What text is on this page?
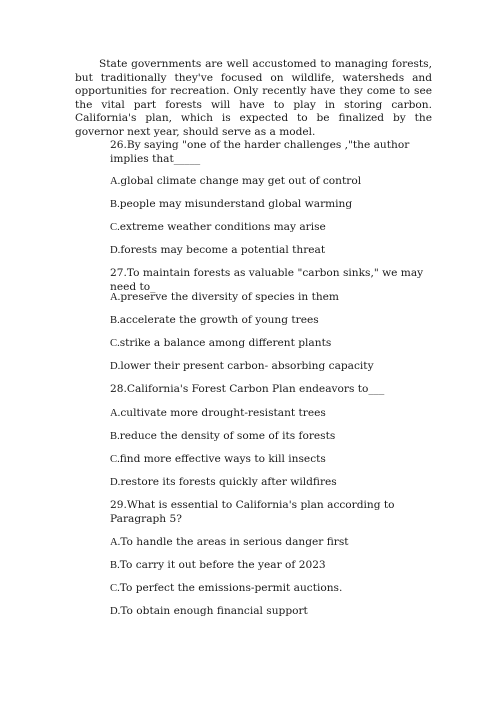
State governments are well accustomed to managing forests, but traditionally they've focused on wildlife, watersheds and opportunities for recreation. Only recently have they come to see the vital part forests will have to play in storing carbon. California's plan, which is expected to be finalized by the governor next year, should serve as a model.
26.By saying "one of the harder challenges ,"the author implies that_____
A.global climate change may get out of control
B.people may misunderstand global warming
C.extreme weather conditions may arise
D.forests may become a potential threat
27.To maintain forests as valuable "carbon sinks," we may need to_
A.preserve the diversity of species in them
B.accelerate the growth of young trees
C.strike a balance among different plants
D.lower their present carbon- absorbing capacity
28.California's Forest Carbon Plan endeavors to___
A.cultivate more drought-resistant trees
B.reduce the density of some of its forests
C.find more effective ways to kill insects
D.restore its forests quickly after wildfires
29.What is essential to California's plan according to Paragraph 5?
A.To handle the areas in serious danger first
B.To carry it out before the year of 2023
C.To perfect the emissions-permit auctions.
D.To obtain enough financial support
